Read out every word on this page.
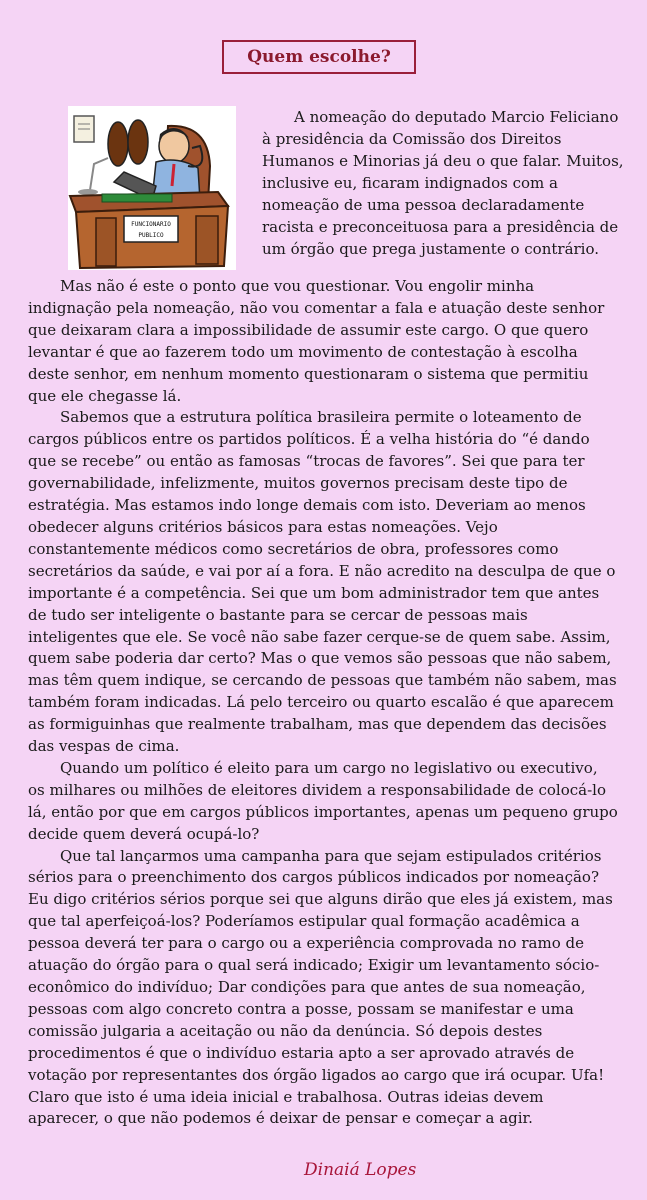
Quem escolhe?
FUNCIONARIO
PUBLICO

A nomeação do deputado Marcio Feliciano à presidência da Comissão dos Direitos Humanos e Minorias já deu o que falar. Muitos, inclusive eu, ficaram indignados com a nomeação de uma pessoa declaradamente racista e preconceituosa para a presidência de um órgão que prega justamente o contrário.

Mas não é este o ponto que vou questionar. Vou engolir minha indignação pela nomeação, não vou comentar a fala e atuação deste senhor que deixaram clara a impossibilidade de assumir este cargo. O que quero levantar é que ao fazerem todo um movimento de contestação à escolha deste senhor, em nenhum momento questionaram o sistema que permitiu que ele chegasse lá.

Sabemos que a estrutura política brasileira permite o loteamento de cargos públicos entre os partidos políticos. É a velha história do “é dando que se recebe” ou então as famosas “trocas de favores”. Sei que para ter governabilidade, infelizmente, muitos governos precisam deste tipo de estratégia. Mas estamos indo longe demais com isto. Deveriam ao menos obedecer alguns critérios básicos para estas nomeações. Vejo constantemente médicos como secretários de obra, professores como secretários da saúde, e vai por aí a fora. E não acredito na desculpa de que o importante é a competência. Sei que um bom administrador tem que antes de tudo ser inteligente o bastante para se cercar de pessoas mais inteligentes que ele. Se você não sabe fazer cerque-se de quem sabe. Assim, quem sabe poderia dar certo? Mas o que vemos são pessoas que não sabem, mas têm quem indique, se cercando de pessoas que também não sabem, mas também foram indicadas. Lá pelo terceiro ou quarto escalão é que aparecem as formiguinhas que realmente trabalham, mas que dependem das decisões das vespas de cima.

Quando um político é eleito para um cargo no legislativo ou executivo, os milhares ou milhões de eleitores dividem a responsabilidade de colocá-lo lá, então por que em cargos públicos importantes, apenas um pequeno grupo decide quem deverá ocupá-lo?

Que tal lançarmos uma campanha para que sejam estipulados critérios sérios para o preenchimento dos cargos públicos indicados por nomeação? Eu digo critérios sérios porque sei que alguns dirão que eles já existem, mas que tal aperfeiçoá-los? Poderíamos estipular qual formação acadêmica a pessoa deverá ter para o cargo ou a experiência comprovada no ramo de atuação do órgão para o qual será indicado; Exigir um levantamento sócio-econômico do indivíduo; Dar condições para que antes de sua nomeação, pessoas com algo concreto contra a posse, possam se manifestar e uma comissão julgaria a aceitação ou não da denúncia. Só depois destes procedimentos é que o indivíduo estaria apto a ser aprovado através de votação por representantes dos órgão ligados ao cargo que irá ocupar. Ufa! Claro que isto é uma ideia inicial e trabalhosa. Outras ideias devem aparecer, o que não podemos é deixar de pensar e começar a agir.

Dinaiá Lopes
